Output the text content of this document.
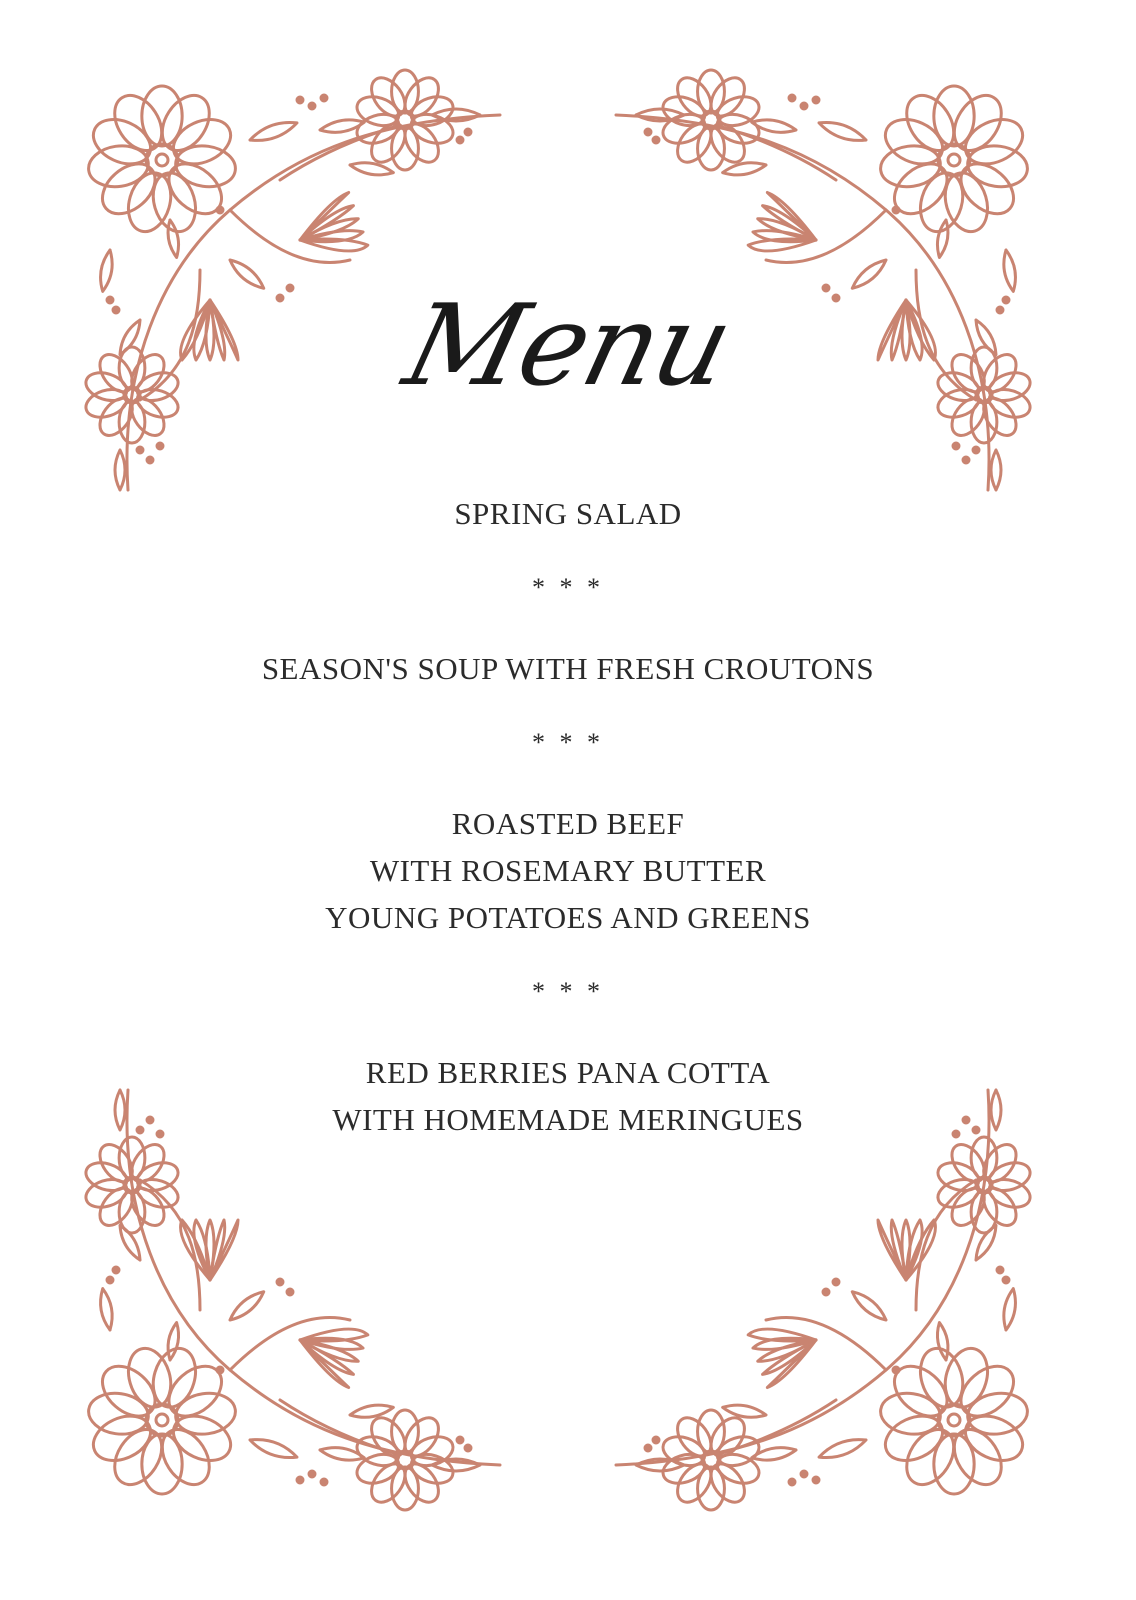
Menu
SPRING SALAD
* * *
SEASON'S SOUP WITH FRESH CROUTONS
* * *
ROASTED BEEF
WITH ROSEMARY BUTTER
YOUNG POTATOES AND GREENS
* * *
RED BERRIES PANA COTTA
WITH HOMEMADE MERINGUES
